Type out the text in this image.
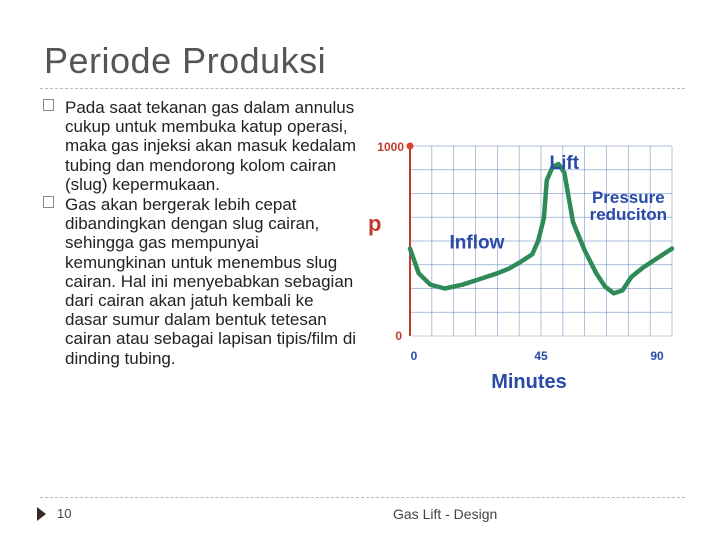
Periode Produksi
Pada saat tekanan gas dalam annulus cukup untuk membuka katup operasi, maka gas injeksi akan masuk kedalam tubing dan mendorong kolom cairan (slug) kepermukaan.
Gas akan bergerak lebih cepat dibandingkan dengan slug cairan, sehingga gas mempunyai kemungkinan untuk menembus slug cairan. Hal ini menyebabkan sebagian dari cairan akan jatuh kembali ke dasar sumur dalam bentuk tetesan cairan atau sebagai lapisan tipis/film di dinding tubing.
1000
0
p
0	45	90
Minutes
Lift
Pressure
reduciton
Inflow
10	Gas Lift - Design
